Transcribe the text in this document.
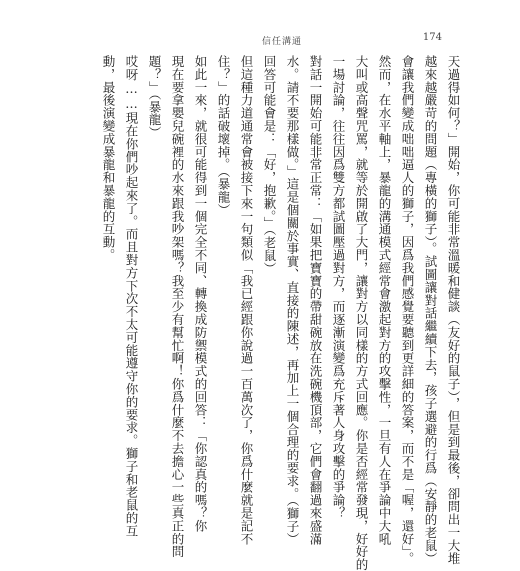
信任溝通	174
天過得如何？」開始，你可能非常溫暖和健談（友好的鼠子），但是到最後，卻問出一大堆
越來越嚴苛的問題（專橫的獅子）。試圖讓對話繼續下去，孩子選避的行爲（安靜的老鼠）
會讓我們變成咄咄逼人的獅子，因爲我們感覺要聽到更詳細的答案，而不是「喔，還好」。
然而，在水平軸上，暴龍的溝通模式經常會激起對方的攻擊性，一旦有人在爭論中大吼
大叫或高聲咒罵，就等於開啟了大門，讓對方以同樣的方式回應。你是否經常發現，好好的
一場討論，往往因爲雙方都試圖壓過對方，而逐漸演變爲充斥著人身攻擊的爭論？
對話一開始可能非常正常：「如果把寶寶的帶甜碗放在洗碗機頂部，它們會翻過來盛滿
水。請不要那樣做。」這是個關於事實、直接的陳述，再加上一個合理的要求。（獅子）
回答可能會是：「好，抱歉。」（老鼠）
但這種力道通常會被接下來一句類似「我已經跟你說過一百萬次了，你爲什麼就是記不
住？」的話破壞掉。（暴龍）
如此一來，就很可能得到一個完全不同、轉換成防禦模式的回答：「你認真的嗎？你
現在要拿嬰兒碗裡的水來跟我吵架嗎？我至少有幫忙啊！你爲什麼不去擔心一些真正的問
題？」（暴龍）
哎呀……現在你們吵起來了。而且對方下次不太可能遵守你的要求。獅子和老鼠的互
動，最後演變成暴龍和暴龍的互動。
